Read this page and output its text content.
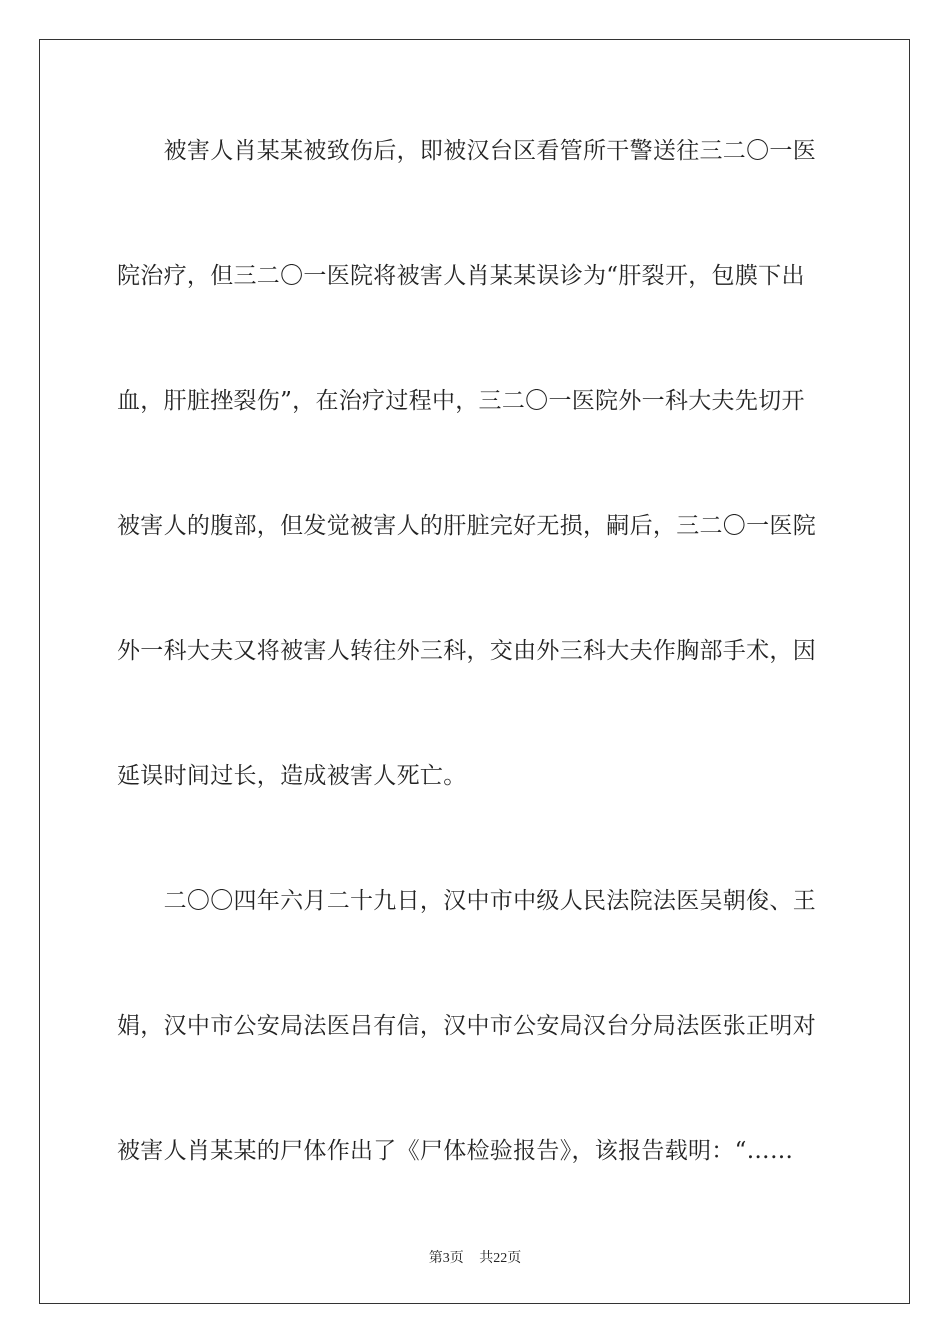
　　被害人肖某某被致伤后，即被汉台区看管所干警送往三二〇一医
院治疗，但三二〇一医院将被害人肖某某误诊为“肝裂开，包膜下出
血，肝脏挫裂伤”，在治疗过程中，三二〇一医院外一科大夫先切开
被害人的腹部，但发觉被害人的肝脏完好无损，嗣后，三二〇一医院
外一科大夫又将被害人转往外三科，交由外三科大夫作胸部手术，因
延误时间过长，造成被害人死亡。
　　二〇〇四年六月二十九日，汉中市中级人民法院法医吴朝俊、王
娟，汉中市公安局法医吕有信，汉中市公安局汉台分局法医张正明对
被害人肖某某的尸体作出了《尸体检验报告》，该报告载明：“……
第3页 共22页
